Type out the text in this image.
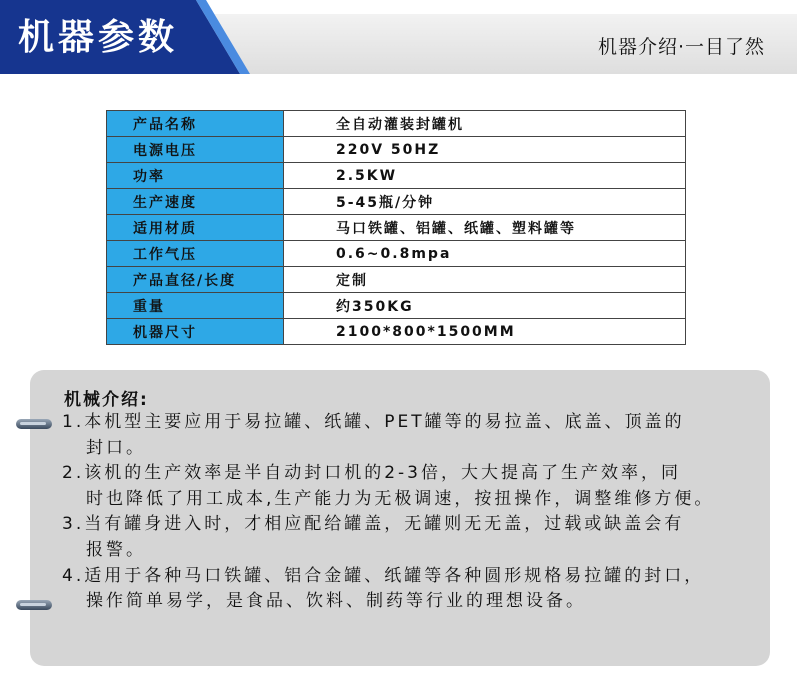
机器参数	机器介绍·一目了然
产品名称	全自动灌装封罐机
电源电压	220V 50HZ
功率	2.5KW
生产速度	5-45瓶/分钟
适用材质	马口铁罐、铝罐、纸罐、塑料罐等
工作气压	0.6~0.8mpa
产品直径/长度	定制
重量	约350KG
机器尺寸	2100*800*1500MM
机械介绍:
1.本机型主要应用于易拉罐、纸罐、PET罐等的易拉盖、底盖、顶盖的
封口。
2.该机的生产效率是半自动封口机的2-3倍，大大提高了生产效率，同
时也降低了用工成本,生产能力为无极调速，按扭操作，调整维修方便。
3.当有罐身进入时，才相应配给罐盖，无罐则无无盖，过载或缺盖会有
报警。
4.适用于各种马口铁罐、铝合金罐、纸罐等各种圆形规格易拉罐的封口，
操作简单易学，是食品、饮料、制药等行业的理想设备。
